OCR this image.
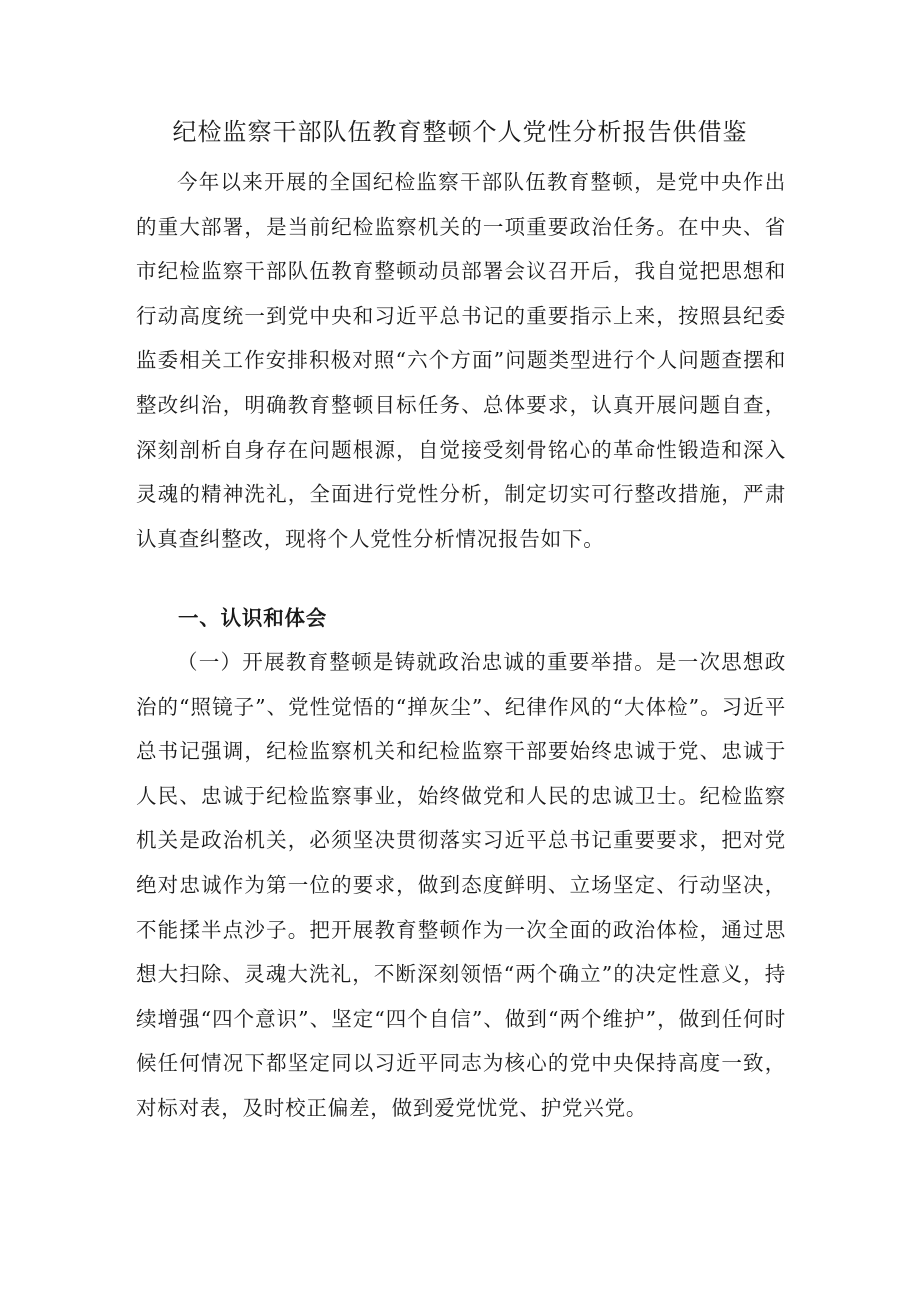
纪检监察干部队伍教育整顿个人党性分析报告供借鉴

今年以来开展的全国纪检监察干部队伍教育整顿，是党中央作出的重大部署，是当前纪检监察机关的一项重要政治任务。在中央、省市纪检监察干部队伍教育整顿动员部署会议召开后，我自觉把思想和行动高度统一到党中央和习近平总书记的重要指示上来，按照县纪委监委相关工作安排积极对照“六个方面”问题类型进行个人问题查摆和整改纠治，明确教育整顿目标任务、总体要求，认真开展问题自查，深刻剖析自身存在问题根源，自觉接受刻骨铭心的革命性锻造和深入灵魂的精神洗礼，全面进行党性分析，制定切实可行整改措施，严肃认真查纠整改，现将个人党性分析情况报告如下。

一、认识和体会

（一）开展教育整顿是铸就政治忠诚的重要举措。是一次思想政治的“照镜子”、党性觉悟的“掸灰尘”、纪律作风的“大体检”。习近平总书记强调，纪检监察机关和纪检监察干部要始终忠诚于党、忠诚于人民、忠诚于纪检监察事业，始终做党和人民的忠诚卫士。纪检监察机关是政治机关，必须坚决贯彻落实习近平总书记重要要求，把对党绝对忠诚作为第一位的要求，做到态度鲜明、立场坚定、行动坚决，不能揉半点沙子。把开展教育整顿作为一次全面的政治体检，通过思想大扫除、灵魂大洗礼，不断深刻领悟“两个确立”的决定性意义，持续增强“四个意识”、坚定“四个自信”、做到“两个维护”，做到任何时候任何情况下都坚定同以习近平同志为核心的党中央保持高度一致，对标对表，及时校正偏差，做到爱党忧党、护党兴党。
